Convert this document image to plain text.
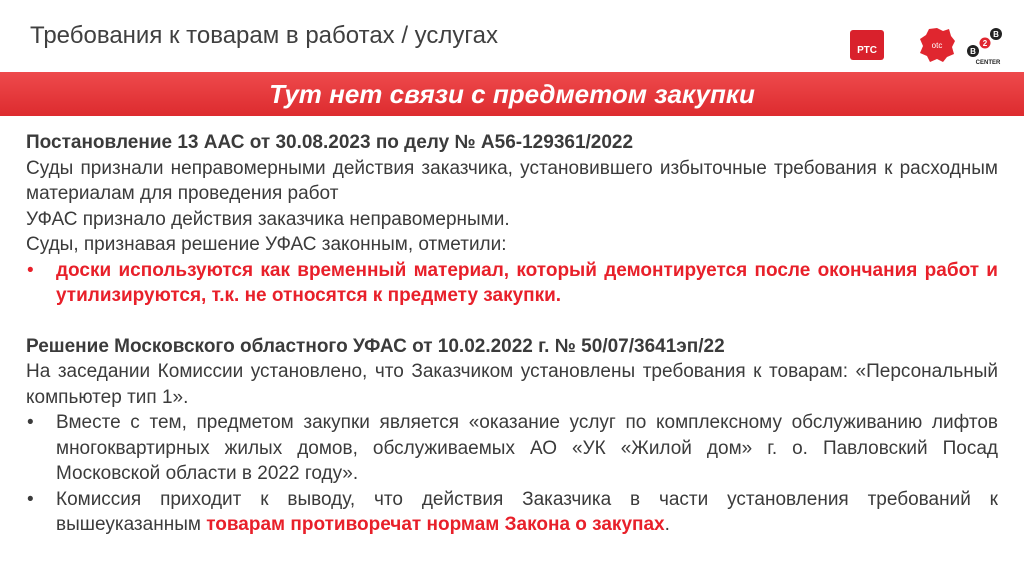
Требования к товарам в работах / услугах
РТС	otc
B
2
B
CENTER
Тут нет связи с предметом закупки

Постановление 13 ААС от 30.08.2023 по делу № А56-129361/2022

Суды признали неправомерными действия заказчика, установившего избыточные требования к расходным материалам для проведения работ

УФАС признало действия заказчика неправомерными.

Суды, признавая решение УФАС законным, отметили:

• доски используются как временный материал, который демонтируется после окончания работ и утилизируются, т.к. не относятся к предмету закупки.

Решение Московского областного УФАС от 10.02.2022 г. № 50/07/3641эп/22

На заседании Комиссии установлено, что Заказчиком установлены требования к товарам: «Персональный компьютер тип 1».

• Вместе с тем, предметом закупки является «оказание услуг по комплексному обслуживанию лифтов многоквартирных жилых домов, обслуживаемых АО «УК «Жилой дом» г. о. Павловский Посад Московской области в 2022 году».
• Комиссия приходит к выводу, что действия Заказчика в части установления требований к вышеуказанным товарам противоречат нормам Закона о закупах.
